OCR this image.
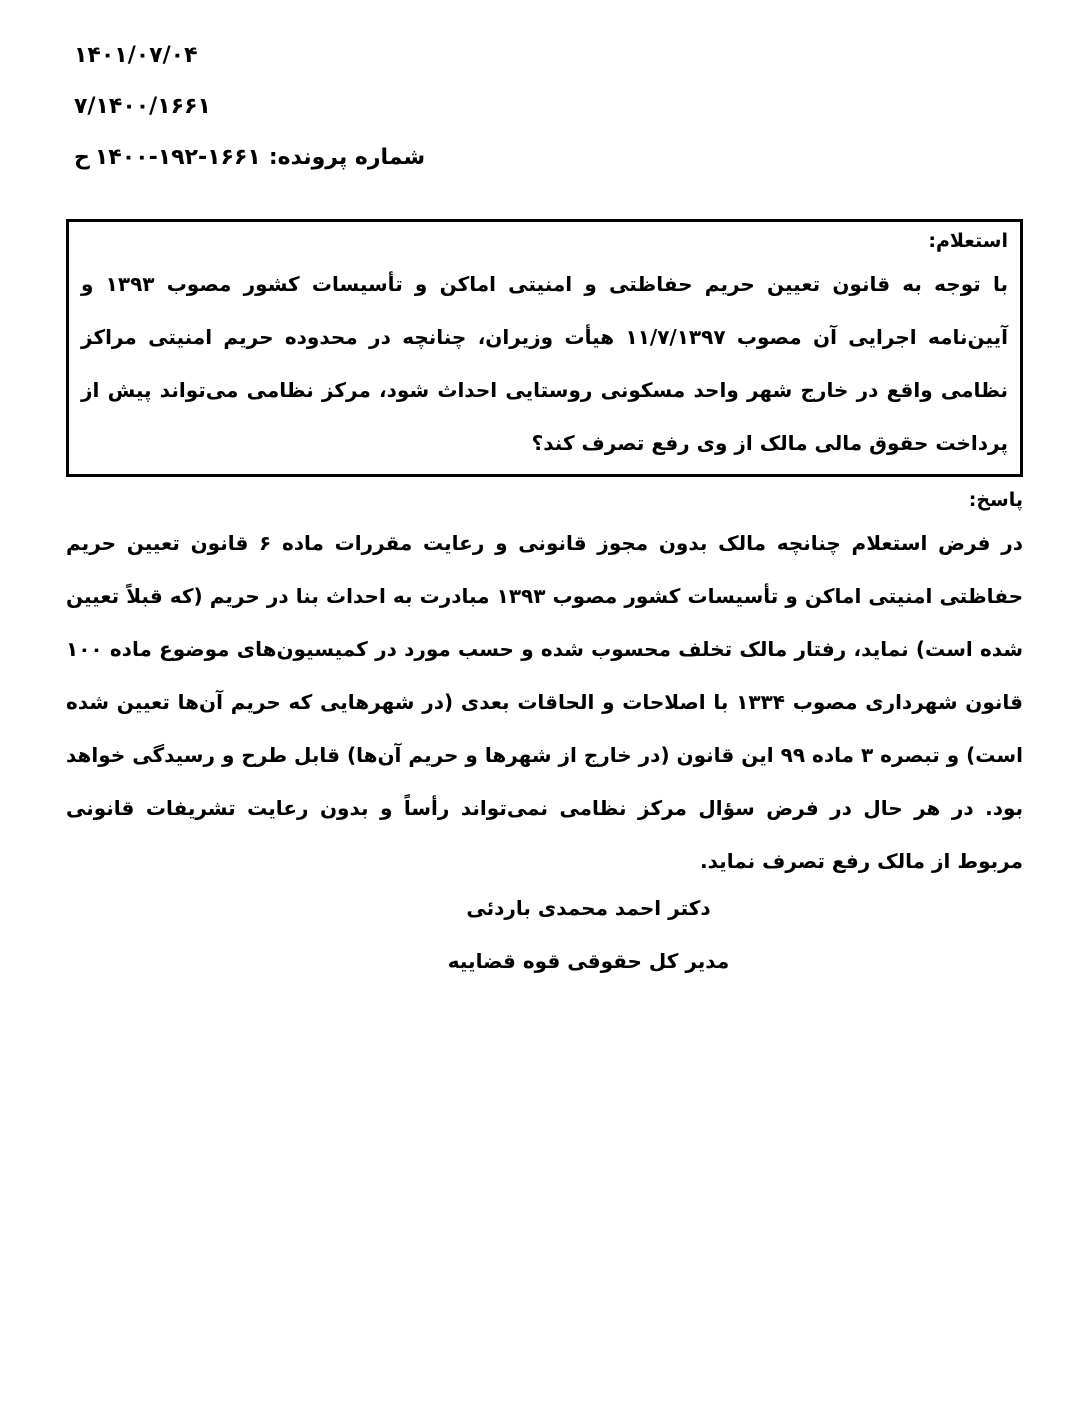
۱۴۰۱/۰۷/۰۴
۷/۱۴۰۰/۱۶۶۱
شماره پرونده:۱۴۰۰-۱۹۲-۱۶۶۱ح
استعلام:
با توجه به قانون تعیین حریم حفاظتی و امنیتی اماکن و تأسیسات کشور مصوب ۱۳۹۳ و آیین‌نامه اجرایی آن مصوب ۱۱/۷/۱۳۹۷ هیأت وزیران، چنانچه در محدوده حریم امنیتی مراکز نظامی واقع در خارج شهر واحد مسکونی روستایی احداث شود، مرکز نظامی می‌تواند پیش از پرداخت حقوق مالی مالک از وی رفع تصرف کند؟
پاسخ:
در فرض استعلام چنانچه مالک بدون مجوز قانونی و رعایت مقررات ماده ۶ قانون تعیین حریم حفاظتی امنیتی اماکن و تأسیسات کشور مصوب ۱۳۹۳ مبادرت به احداث بنا در حریم (که قبلاً تعیین شده است) نماید، رفتار مالک تخلف محسوب شده و حسب مورد در کمیسیون‌های موضوع ماده ۱۰۰ قانون شهرداری مصوب ۱۳۳۴ با اصلاحات و الحاقات بعدی (در شهرهایی که حریم آن‌ها تعیین شده است) و تبصره ۳ ماده ۹۹ این قانون (در خارج از شهرها و حریم آن‌ها) قابل طرح و رسیدگی خواهد بود. در هر حال در فرض سؤال مرکز نظامی نمی‌تواند رأساً و بدون رعایت تشریفات قانونی مربوط از مالک رفع تصرف نماید.
دکتر احمد محمدی باردئی
مدیر کل حقوقی قوه قضاییه
